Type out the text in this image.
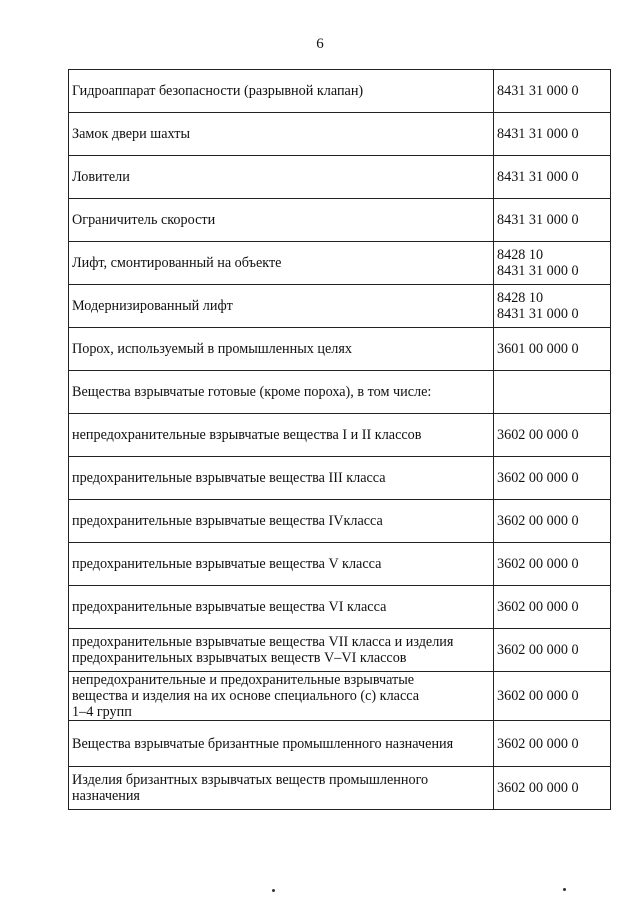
6
Гидроаппарат безопасности (разрывной клапан)	8431 31 000 0

Замок двери шахты	8431 31 000 0

Ловители	8431 31 000 0

Ограничитель скорости	8431 31 000 0

Лифт, смонтированный на объекте	8428 10
8431 31 000 0

Модернизированный лифт	8428 10
8431 31 000 0

Порох, используемый в промышленных целях	3601 00 000 0

Вещества взрывчатые готовые (кроме пороха), в том числе:	

непредохранительные взрывчатые вещества I и II классов	3602 00 000 0

предохранительные взрывчатые вещества III класса	3602 00 000 0

предохранительные взрывчатые вещества IVкласса	3602 00 000 0

предохранительные взрывчатые вещества V класса	3602 00 000 0

предохранительные взрывчатые вещества VI класса	3602 00 000 0

предохранительные взрывчатые вещества VII класса и изделия
предохранительных взрывчатых веществ V–VI классов	3602 00 000 0

непредохранительные и предохранительные взрывчатые
вещества и изделия на их основе специального (с) класса
1–4 групп	3602 00 000 0

Вещества взрывчатые бризантные промышленного назначения	3602 00 000 0

Изделия бризантных взрывчатых веществ промышленного
назначения	3602 00 000 0
